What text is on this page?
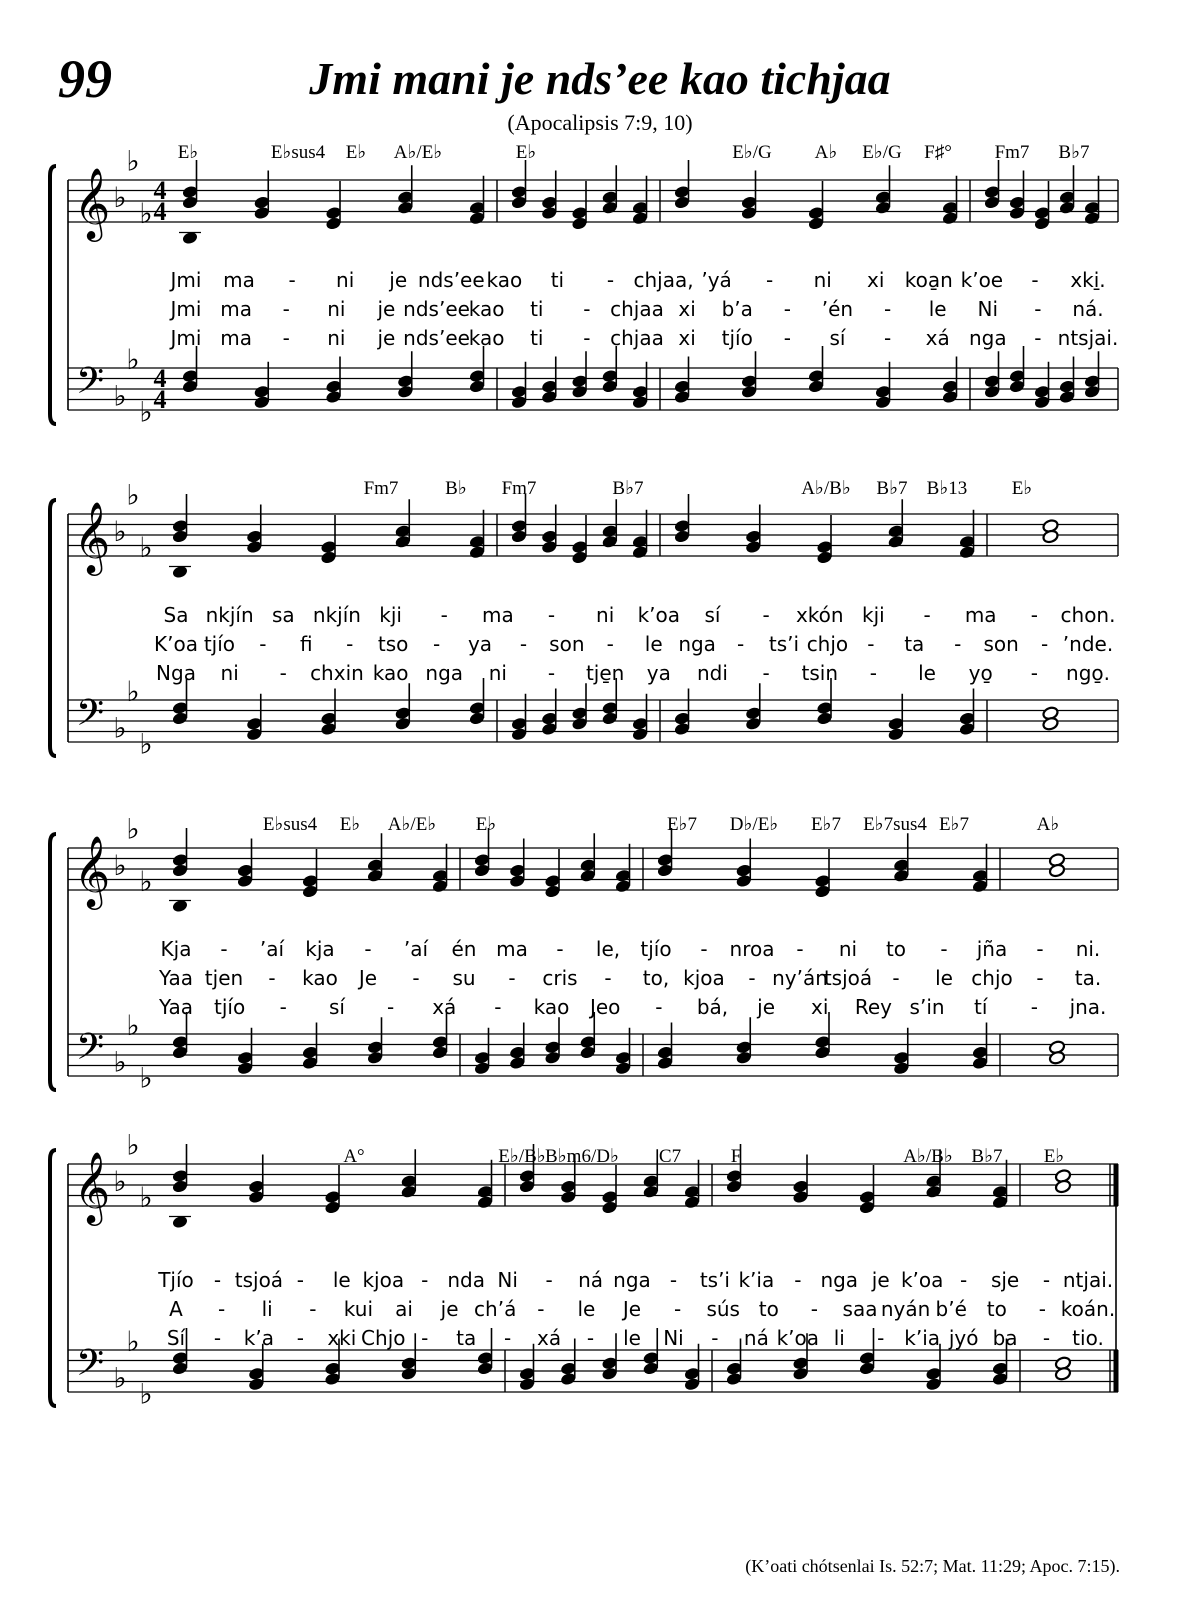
99	Jmi mani je nds’ee kao tichjaa
(Apocalipsis 7:9, 10)
𝄞 ♭
♭
♭
𝄢 ♭
♭
♭
4
4
4
4
E♭	E♭sus4 E♭ A♭/E♭	E♭	E♭/G A♭ E♭/G F♯° Fm7 B♭7
Jmi ma - ni je nds’ee kao ti - chjaa, ’yá - ni xi koa̱n k’oe - xki̱.
Jmi ma - ni je nds’ee
kao ti - chjaa xi b’a - ’én - le Ni - ná.
Jmi ma - ni je nds’ee
kao ti - chjaa xi tjío - sí - xá nga - ntsjai.
𝄞 ♭
♭
♭
𝄢 ♭
♭
♭
Fm7 B♭ Fm7	B♭7	A♭/B♭ B♭7 B♭13 E♭
Sa nkjín sa nkjín kji - ma - ni k’oa sí - xkón kji - ma - chon.
K’oa tjío - fi - tso - ya - son - le nga - ts’i chjo - ta - son - ’nde.
Nga ni - chxin kao nga ni - tje̱n ya ndi - tsin - le yo̱ - ngo̱.
𝄞 ♭
♭
♭
𝄢 ♭
♭
♭
E♭sus4 E♭ A♭/E♭ E♭	E♭7 D♭/E♭ E♭7 E♭7sus4 E♭7	A♭
Kja - ’aí kja - ’aí én ma - le, tjío - nroa - ni to - jña - ni.
Yaa tjen - kao Je - su - cris - to, kjoa - ny’án
tsjoá - le chjo - ta.
Yaa tjío - sí - xá - kao Jeo - bá, je xi Rey s’in tí - jna.
𝄞 ♭
♭
♭
𝄢 ♭
♭
♭
A°	E♭/B♭ B♭m6/D♭ C7	F	A♭/B♭ B♭7 E♭
Tjío - tsjoá - le kjoa - nda Ni - ná nga - ts’i k’ia - nga je k’oa - sje - ntjai.
A - li - kui ai je ch’á - le Je - sús to - saa nyán b’é to - koán.
Sí - k’a - xki Chjo - ta - xá - le Ni - ná k’oa li - k’ia jyó ba - tio.
(K’oati chótsenlai Is. 52:7; Mat. 11:29; Apoc. 7:15).
